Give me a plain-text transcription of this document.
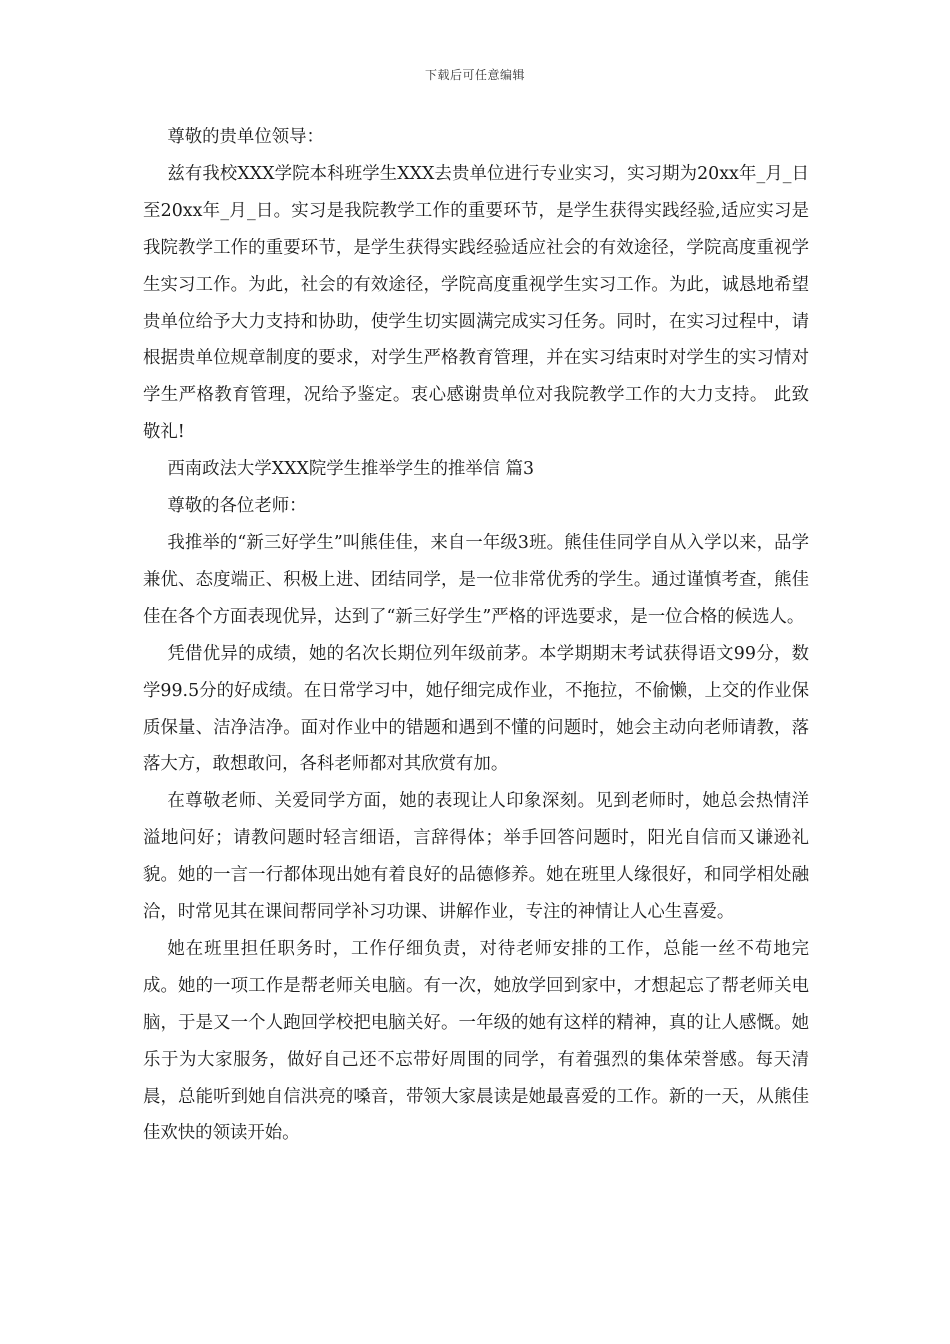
下载后可任意编辑

尊敬的贵单位领导：

兹有我校XXX学院本科班学生XXX去贵单位进行专业实习，实习期为20xx年_月_日至20xx年_月_日。实习是我院教学工作的重要环节，是学生获得实践经验,适应实习是我院教学工作的重要环节，是学生获得实践经验适应社会的有效途径，学院高度重视学生实习工作。为此，社会的有效途径，学院高度重视学生实习工作。为此，诚恳地希望贵单位给予大力支持和协助，使学生切实圆满完成实习任务。同时，在实习过程中，请根据贵单位规章制度的要求，对学生严格教育管理，并在实习结束时对学生的实习情对学生严格教育管理，况给予鉴定。衷心感谢贵单位对我院教学工作的大力支持。 此致敬礼!

西南政法大学XXX院学生推举学生的推举信 篇3

尊敬的各位老师：

我推举的“新三好学生”叫熊佳佳，来自一年级3班。熊佳佳同学自从入学以来，品学兼优、态度端正、积极上进、团结同学，是一位非常优秀的学生。通过谨慎考查，熊佳佳在各个方面表现优异，达到了“新三好学生”严格的评选要求，是一位合格的候选人。

凭借优异的成绩，她的名次长期位列年级前茅。本学期期末考试获得语文99分，数学99.5分的好成绩。在日常学习中，她仔细完成作业，不拖拉，不偷懒，上交的作业保质保量、洁净洁净。面对作业中的错题和遇到不懂的问题时，她会主动向老师请教，落落大方，敢想敢问，各科老师都对其欣赏有加。

在尊敬老师、关爱同学方面，她的表现让人印象深刻。见到老师时，她总会热情洋溢地问好；请教问题时轻言细语，言辞得体；举手回答问题时，阳光自信而又谦逊礼貌。她的一言一行都体现出她有着良好的品德修养。她在班里人缘很好，和同学相处融洽，时常见其在课间帮同学补习功课、讲解作业，专注的神情让人心生喜爱。

她在班里担任职务时，工作仔细负责，对待老师安排的工作，总能一丝不苟地完成。她的一项工作是帮老师关电脑。有一次，她放学回到家中，才想起忘了帮老师关电脑，于是又一个人跑回学校把电脑关好。一年级的她有这样的精神，真的让人感慨。她乐于为大家服务，做好自己还不忘带好周围的同学，有着强烈的集体荣誉感。每天清晨，总能听到她自信洪亮的嗓音，带领大家晨读是她最喜爱的工作。新的一天，从熊佳佳欢快的领读开始。
